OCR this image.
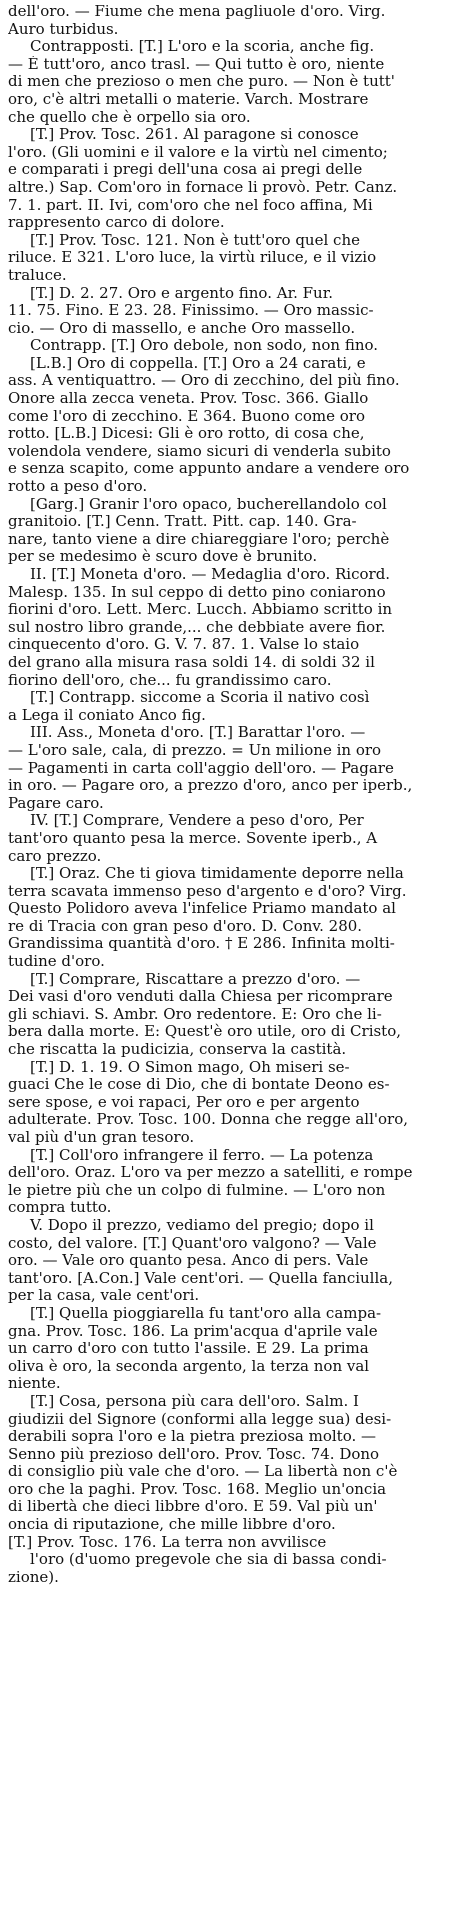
dell'oro. — Fiume che mena pagliuole d'oro. Virg.
Auro turbidus.
Contrapposti. [T.] L'oro e la scoria, anche fig.
— È tutt'oro, anco trasl. — Qui tutto è oro, niente
di men che prezioso o men che puro. — Non è tutt'
oro, c'è altri metalli o materie. Varch. Mostrare
che quello che è orpello sia oro.
[T.] Prov. Tosc. 261. Al paragone si conosce
l'oro. (Gli uomini e il valore e la virtù nel cimento;
e comparati i pregi dell'una cosa ai pregi delle
altre.) Sap. Com'oro in fornace li provò. Petr. Canz.
7. 1. part. II. Ivi, com'oro che nel foco affina, Mi
rappresento carco di dolore.
[T.] Prov. Tosc. 121. Non è tutt'oro quel che
riluce. E 321. L'oro luce, la virtù riluce, e il vizio
traluce.
[T.] D. 2. 27. Oro e argento fino. Ar. Fur.
11. 75. Fino. E 23. 28. Finissimo. — Oro massic-
cio. — Oro di massello, e anche Oro massello.
Contrapp. [T.] Oro debole, non sodo, non fino.
[L.B.] Oro di coppella. [T.] Oro a 24 carati, e
ass. A ventiquattro. — Oro di zecchino, del più fino.
Onore alla zecca veneta. Prov. Tosc. 366. Giallo
come l'oro di zecchino. E 364. Buono come oro
rotto. [L.B.] Dicesi: Gli è oro rotto, di cosa che,
volendola vendere, siamo sicuri di venderla subito
e senza scapito, come appunto andare a vendere oro
rotto a peso d'oro.
[Garg.] Granir l'oro opaco, bucherellandolo col
granitoio. [T.] Cenn. Tratt. Pitt. cap. 140. Gra-
nare, tanto viene a dire chiareggiare l'oro; perchè
per se medesimo è scuro dove è brunito.
II. [T.] Moneta d'oro. — Medaglia d'oro. Ricord.
Malesp. 135. In sul ceppo di detto pino coniarono
fiorini d'oro. Lett. Merc. Lucch. Abbiamo scritto in
sul nostro libro grande,... che debbiate avere fior.
cinquecento d'oro. G. V. 7. 87. 1. Valse lo staio
del grano alla misura rasa soldi 14. di soldi 32 il
fiorino dell'oro, che... fu grandissimo caro.
[T.] Contrapp. siccome a Scoria il nativo così
a Lega il coniato Anco fig.
III. Ass., Moneta d'oro. [T.] Barattar l'oro. —
— L'oro sale, cala, di prezzo. = Un milione in oro
— Pagamenti in carta coll'aggio dell'oro. — Pagare
in oro. — Pagare oro, a prezzo d'oro, anco per iperb.,
Pagare caro.
IV. [T.] Comprare, Vendere a peso d'oro, Per
tant'oro quanto pesa la merce. Sovente iperb., A
caro prezzo.
[T.] Oraz. Che ti giova timidamente deporre nella
terra scavata immenso peso d'argento e d'oro? Virg.
Questo Polidoro aveva l'infelice Priamo mandato al
re di Tracia con gran peso d'oro. D. Conv. 280.
Grandissima quantità d'oro. † E 286. Infinita molti-
tudine d'oro.
[T.] Comprare, Riscattare a prezzo d'oro. —
Dei vasi d'oro venduti dalla Chiesa per ricomprare
gli schiavi. S. Ambr. Oro redentore. E: Oro che li-
bera dalla morte. E: Quest'è oro utile, oro di Cristo,
che riscatta la pudicizia, conserva la castità.
[T.] D. 1. 19. O Simon mago, Oh miseri se-
guaci Che le cose di Dio, che di bontate Deono es-
sere spose, e voi rapaci, Per oro e per argento
adulterate. Prov. Tosc. 100. Donna che regge all'oro,
val più d'un gran tesoro.
[T.] Coll'oro infrangere il ferro. — La potenza
dell'oro. Oraz. L'oro va per mezzo a satelliti, e rompe
le pietre più che un colpo di fulmine. — L'oro non
compra tutto.
V. Dopo il prezzo, vediamo del pregio; dopo il
costo, del valore. [T.] Quant'oro valgono? — Vale
oro. — Vale oro quanto pesa. Anco di pers. Vale
tant'oro. [A.Con.] Vale cent'ori. — Quella fanciulla,
per la casa, vale cent'ori.
[T.] Quella pioggiarella fu tant'oro alla campa-
gna. Prov. Tosc. 186. La prim'acqua d'aprile vale
un carro d'oro con tutto l'assile. E 29. La prima
oliva è oro, la seconda argento, la terza non val
niente.
[T.] Cosa, persona più cara dell'oro. Salm. I
giudizii del Signore (conformi alla legge sua) desi-
derabili sopra l'oro e la pietra preziosa molto. —
Senno più prezioso dell'oro. Prov. Tosc. 74. Dono
di consiglio più vale che d'oro. — La libertà non c'è
oro che la paghi. Prov. Tosc. 168. Meglio un'oncia
di libertà che dieci libbre d'oro. E 59. Val più un'
oncia di riputazione, che mille libbre d'oro.
[T.] Prov. Tosc. 176. La terra non avvilisce
l'oro (d'uomo pregevole che sia di bassa condi-
zione).
